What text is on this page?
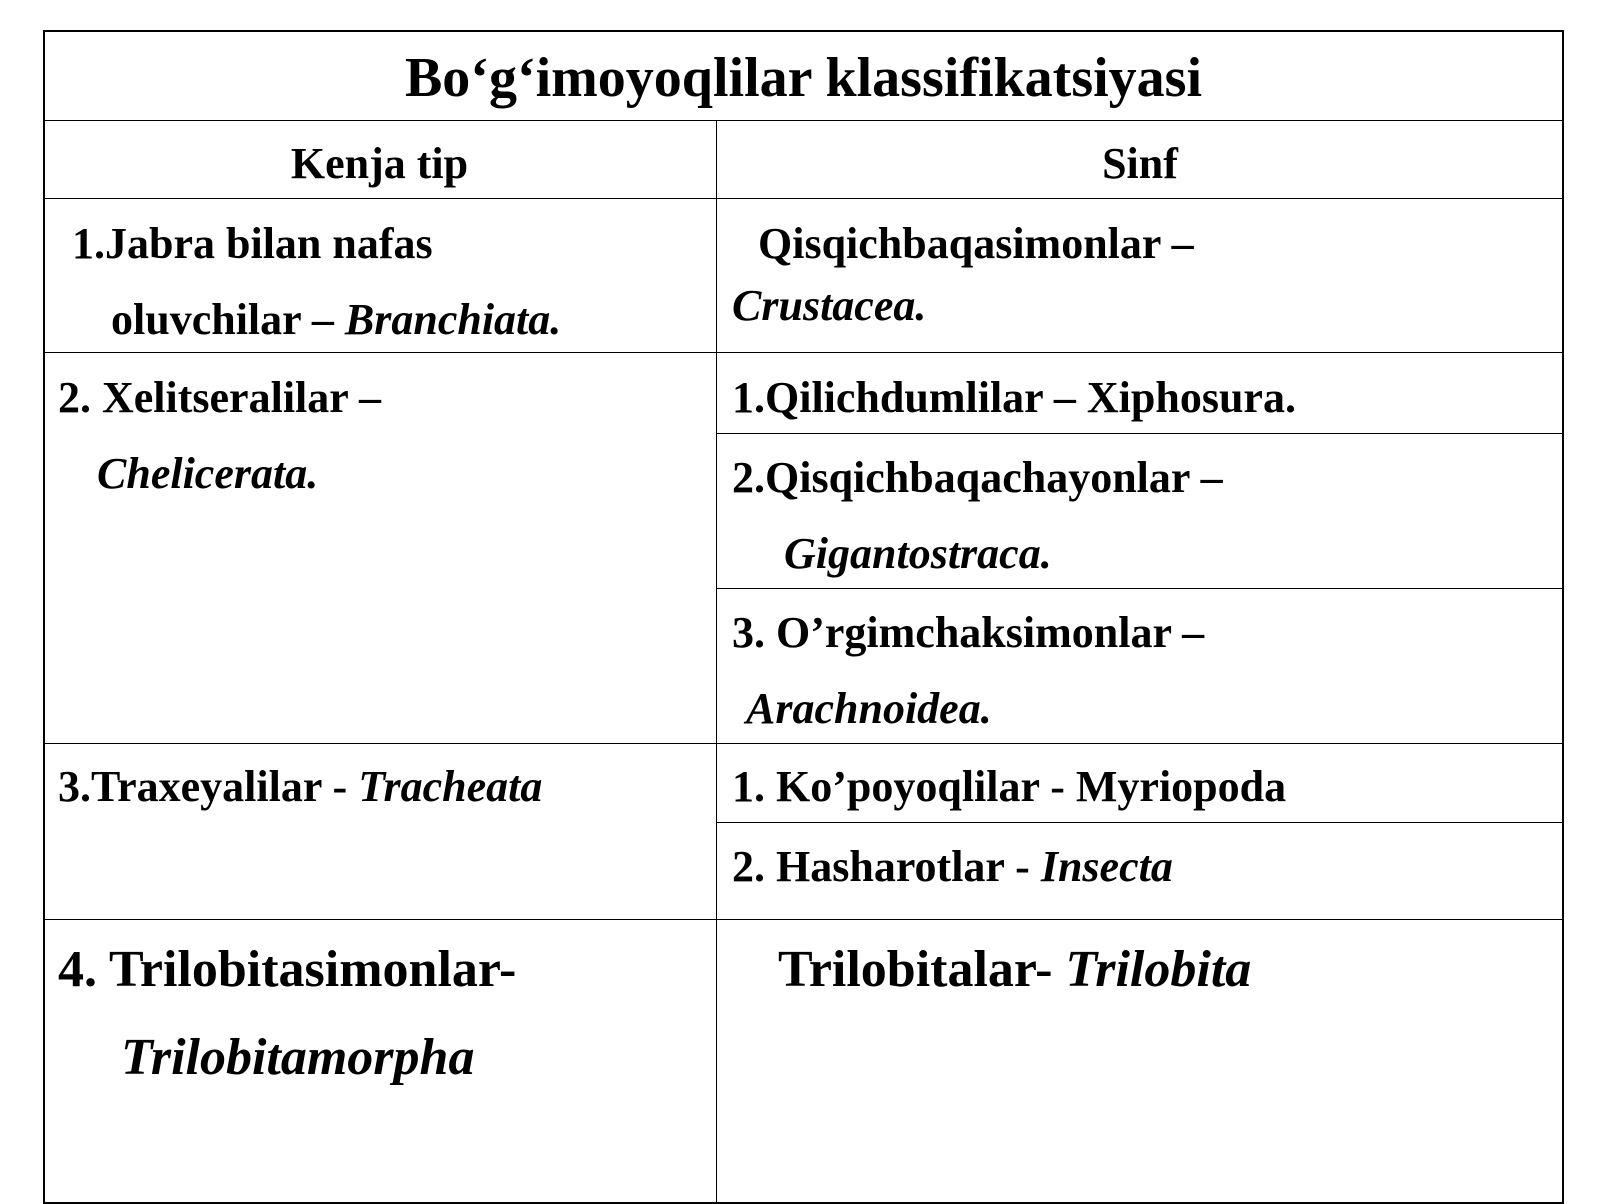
Bo‘g‘imoyoqlilar klassifikatsiyasi
Kenja tip	Sinf
1.Jabra bilan nafas
oluvchilar – Branchiata.
Qisqichbaqasimonlar –
Crustacea.
2. Xelitseralilar –
Chelicerata.
1.Qilichdumlilar – Xiphosura.
2.Qisqichbaqachayonlar –
Gigantostraca.
3. O’rgimchaksimonlar –
Arachnoidea.
3.Traxeyalilar - Tracheata	1. Ko’poyoqlilar - Myriopoda
2. Hasharotlar - Insecta
4. Trilobitasimonlar-
Trilobitamorpha
Trilobitalar- Trilobita
